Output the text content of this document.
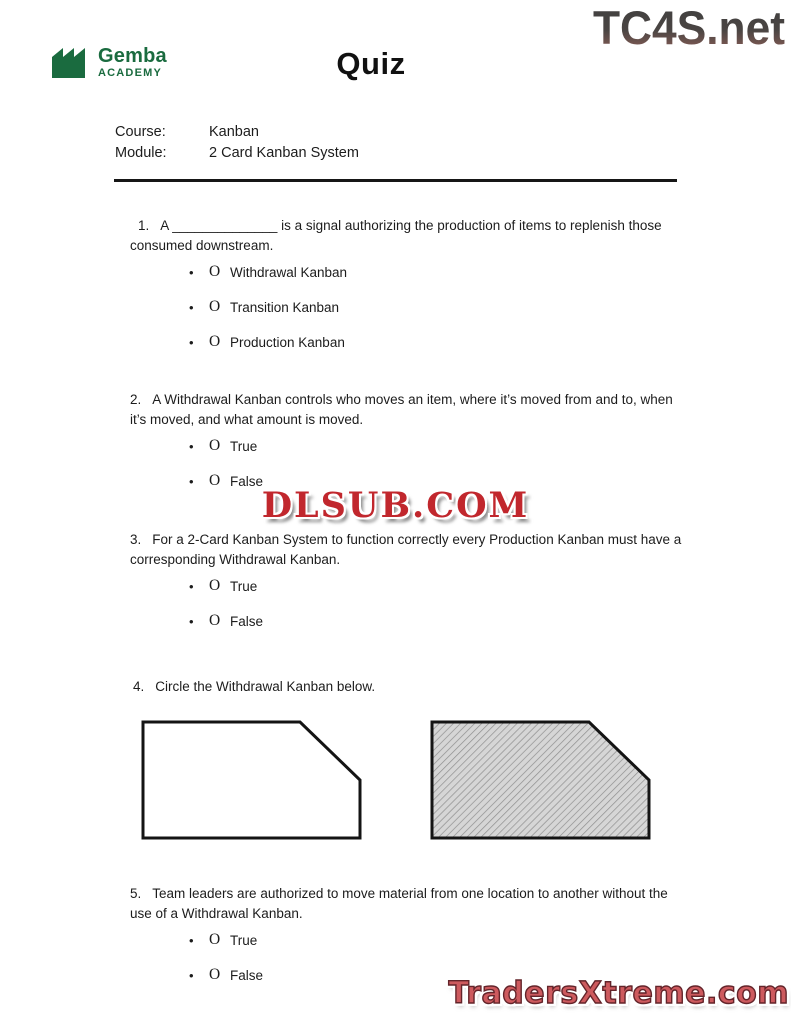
TC4S.net
Gemba
ACADEMY	Quiz
Course:	Kanban
Module:	2 Card Kanban System

1. A ______________ is a signal authorizing the production of items to replenish those consumed downstream.

• O Withdrawal Kanban
• O Transition Kanban
• O Production Kanban

2. A Withdrawal Kanban controls who moves an item, where it’s moved from and to, when it’s moved, and what amount is moved.

• O True
• O False
DLSUB.COM

3. For a 2-Card Kanban System to function correctly every Production Kanban must have a corresponding Withdrawal Kanban.

• O True
• O False

4. Circle the Withdrawal Kanban below.

5. Team leaders are authorized to move material from one location to another without the use of a Withdrawal Kanban.

• O True
• O False
TradersXtreme.com
